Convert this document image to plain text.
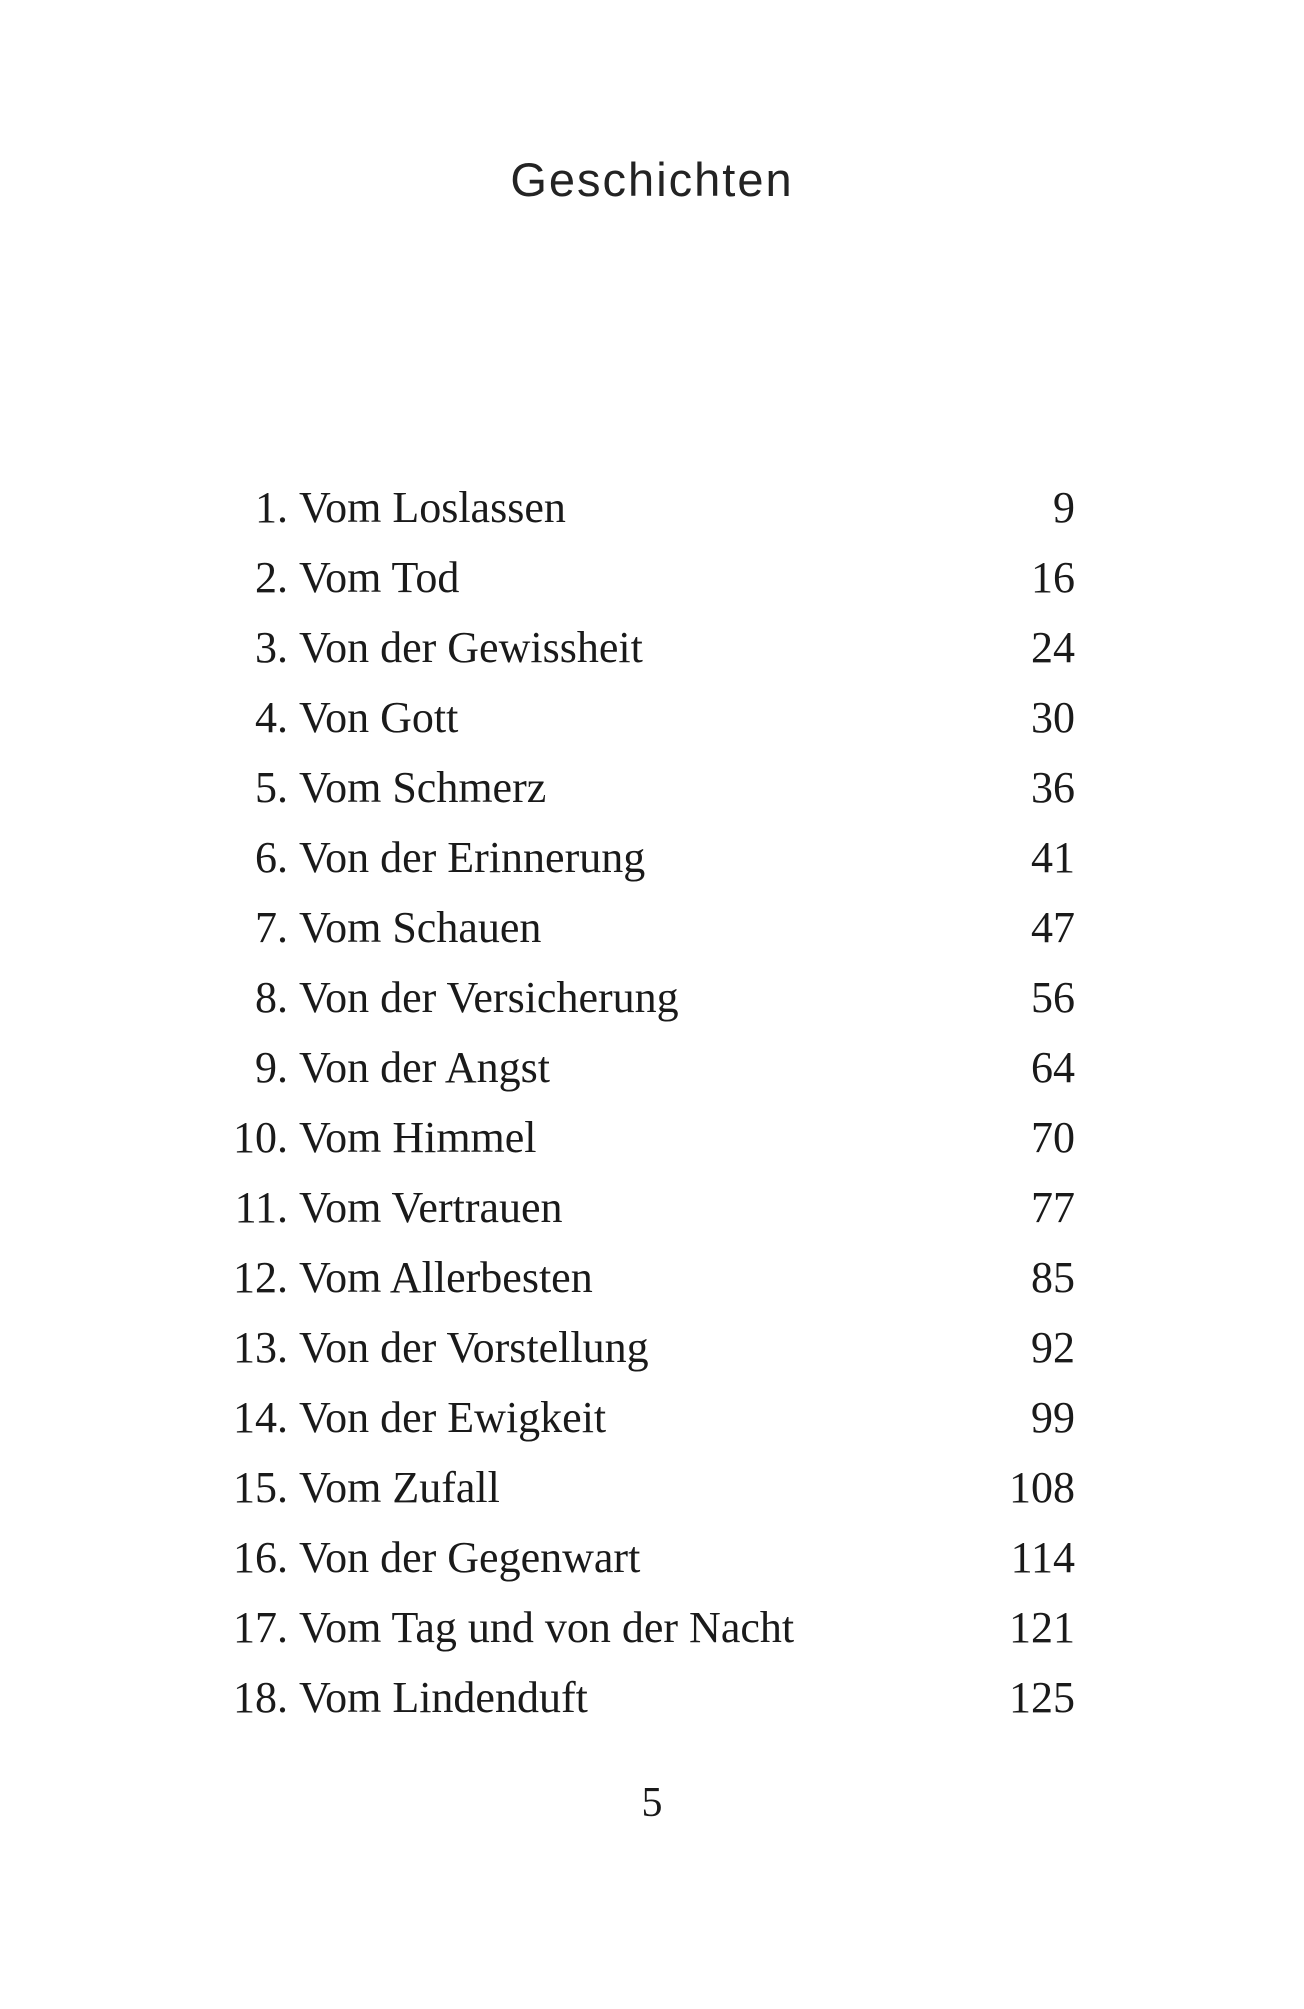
Geschichten
1. Vom Loslassen	9
2. Vom Tod	16
3. Von der Gewissheit	24
4. Von Gott	30
5. Vom Schmerz	36
6. Von der Erinnerung	41
7. Vom Schauen	47
8. Von der Versicherung	56
9. Von der Angst	64
10. Vom Himmel	70
11. Vom Vertrauen	77
12. Vom Allerbesten	85
13. Von der Vorstellung	92
14. Von der Ewigkeit	99
15. Vom Zufall	108
16. Von der Gegenwart	114
17. Vom Tag und von der Nacht	121
18. Vom Lindenduft	125
5
